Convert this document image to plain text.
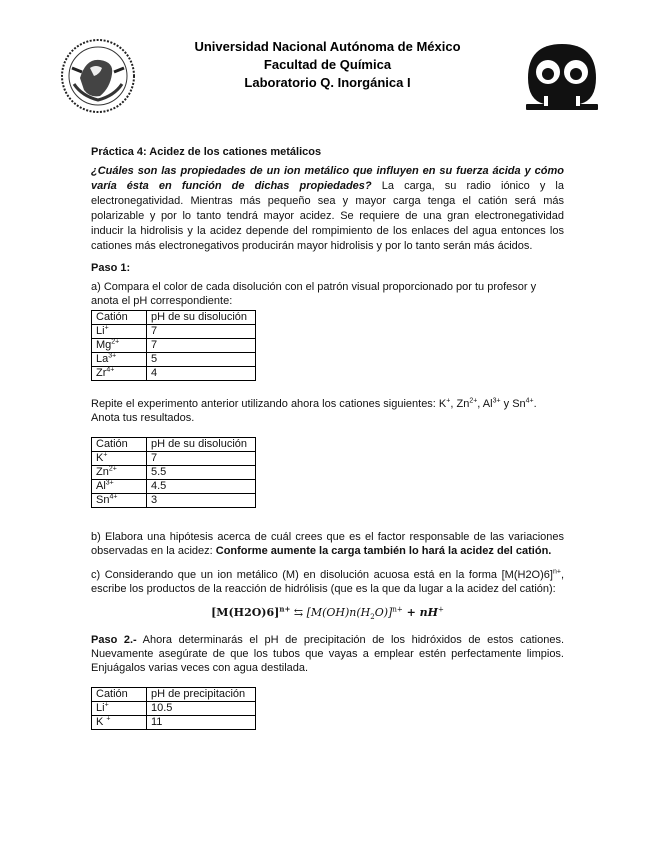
Universidad Nacional Autónoma de México
Facultad de Química
Laboratorio Q. Inorgánica I
Práctica 4: Acidez de los cationes metálicos

¿Cuáles son las propiedades de un ion metálico que influyen en su fuerza ácida y cómo varía ésta en función de dichas propiedades? La carga, su radio iónico y la electronegatividad. Mientras más pequeño sea y mayor carga tenga el catión será más polarizable y por lo tanto tendrá mayor acidez. Se requiere de una gran electronegatividad inducir la hidrolisis y la acidez depende del rompimiento de los enlaces del agua entonces los cationes más electronegativos producirán mayor hidrolisis y por lo tanto serán más ácidos.

Paso 1:

a) Compara el color de cada disolución con el patrón visual proporcionado por tu profesor y anota el pH correspondiente:

Catión	pH de su disolución
Li+	7
$Mg^{2+}$	7
$La^{3+}$	5
$Zr^{4+}$	4

Repite el experimento anterior utilizando ahora los cationes siguientes: K+, $Zn^{2+}$, $Al^{3+}$ y $Sn^{4+}$. Anota tus resultados.

Catión	pH de su disolución
K+	7
$Zn^{2+}$	5.5
$Al^{3+}$	4.5
$Sn^{4+}$	3

b) Elabora una hipótesis acerca de cuál crees que es el factor responsable de las variaciones observadas en la acidez: Conforme aumente la carga también lo hará la acidez del catión.

c) Considerando que un ion metálico (M) en disolución acuosa está en la forma $[M(H2O)6]^{n+}$, escribe los productos de la reacción de hidrólisis (que es la que da lugar a la acidez del catión):

$[M(H2O)6]^{n+}$ ⇆ $[M(OH)n(H_2O)]^{n+} + nH^+$

Paso 2.- Ahora determinarás el pH de precipitación de los hidróxidos de estos cationes. Nuevamente asegúrate de que los tubos que vayas a emplear estén perfectamente limpios. Enjuágalos varias veces con agua destilada.

Catión	pH de precipitación
Li+	10.5
K +	11
